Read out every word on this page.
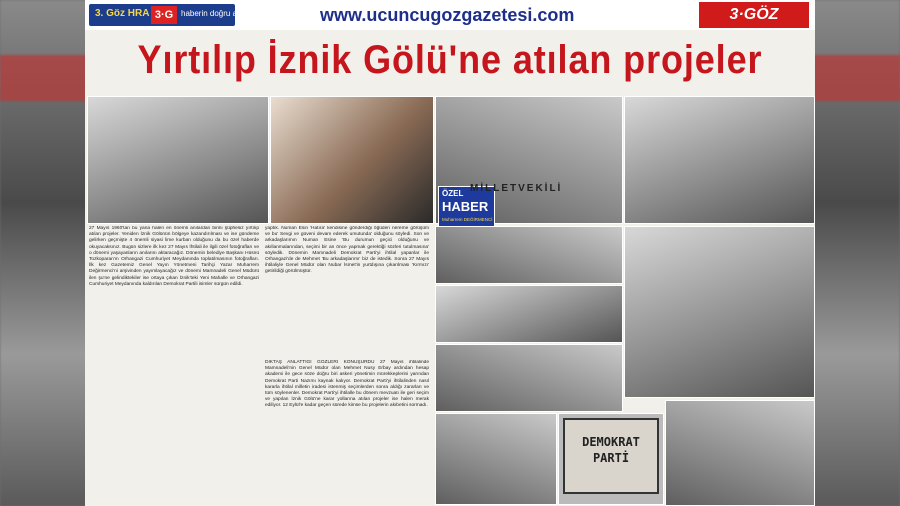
3. Göz HRA 3·G haberin doğru adresi	www.ucuncugozgazetesi.com	3·GÖZ
Yırtılıp İznik Gölü'ne atılan projeler
ÖZEL
HABER
Muharrem DEĞİRMENCİ
27 Mayıs 1960'tan bu yana halen en önemli anılardan birini şüphesiz yırtılıp atılan projeler. Yeniden İznik Gölünün bölgeye kazandırılması ve ise gündeme gelirken geçmişte 4 önemli siyasi lime kurban olduğunu da bu özel haberde okuyacaksınız. Bugün sizlere ilk kez 27 Mayıs İhtilali ile ilgili özel fotoğrafları ve o dönemi yaşayanların anılarını aktaracağız. Dönemin belediye Başkanı Hüsnü Tozkoparan'ın Orhangazi Cumhuriyet Meydanında toplatılmasının fotoğrafları. İlk kez Gazetemiz Genel Yayın Yönetmeni Tarihçi Yazar Muharrem Değirmenci'ni arşivinden yayımlayacağız ve dönemi Mamnadeli Genel Müdürü ilen şu'ne gelindiktekiler ise ortaya çıkan İznik'teki Yeni Mahalle ve Orhangazi Cumhuriyet Meydanında kaldırılan Demokrat Partili isimler sürgün edildi.
yaptık. Numan Esin 'Hatıra' kendisine gönderdiği öğüden nereme görüşüm ve bu' Sevgi ve güveni devam ederek umutunda' olduğunu söyledi. Son ve arkadaşlarımın Numan Esine 'Bu durumun geçici olduğunu ve akıllanmalarından, seçimi bir an önce yapmak gerektiği sözleri tutulmasına' söyledik. Dönemin Mamnadeli Demokrat Parti'yi ihtilal yapanlar ile Orhangazi'de de Mehmet 'Bu arkadaşlarımı' biz de istedik. Sonra 27 Mayıs ihtilaliyle Genel Müdür olan Nubar İsmet'in yurtdışına çıkarılması 'Kırmızı' getirildiği görülmüştür.
DİKTAŞ ANLATTIĞI GÖZLERİ KONUŞURDU 27 Mayıs ihtilalinde Mamnadeli'nin Genel Müdür olan Mehmet Nusy Erbay ardından hesap akademi ile gece söze doğru biri askeri yönetimin mürekkeplerini yarından Demokrat Parti Nazımı kaynak kalıyor. Demokrat Parti'yi ihtilalinden nasıl kararla ihtilal milletin iradesi istenmiş seçimlerden sonra aldığı zararları ve tüm söylenenler. Demokrat Parti'yi ihtilalle bu dönem mevzuatı ile geri seçim ve yapılan İznik Gölü'ne karar yollarına atılan projeler ise halen merak ediliyor. 12 Eylül'e kadar geçen sürede kimse bu projelerin akıbetini sormadı.
DEMOKRAT
PARTİ
MİLLETVEKİLİ
